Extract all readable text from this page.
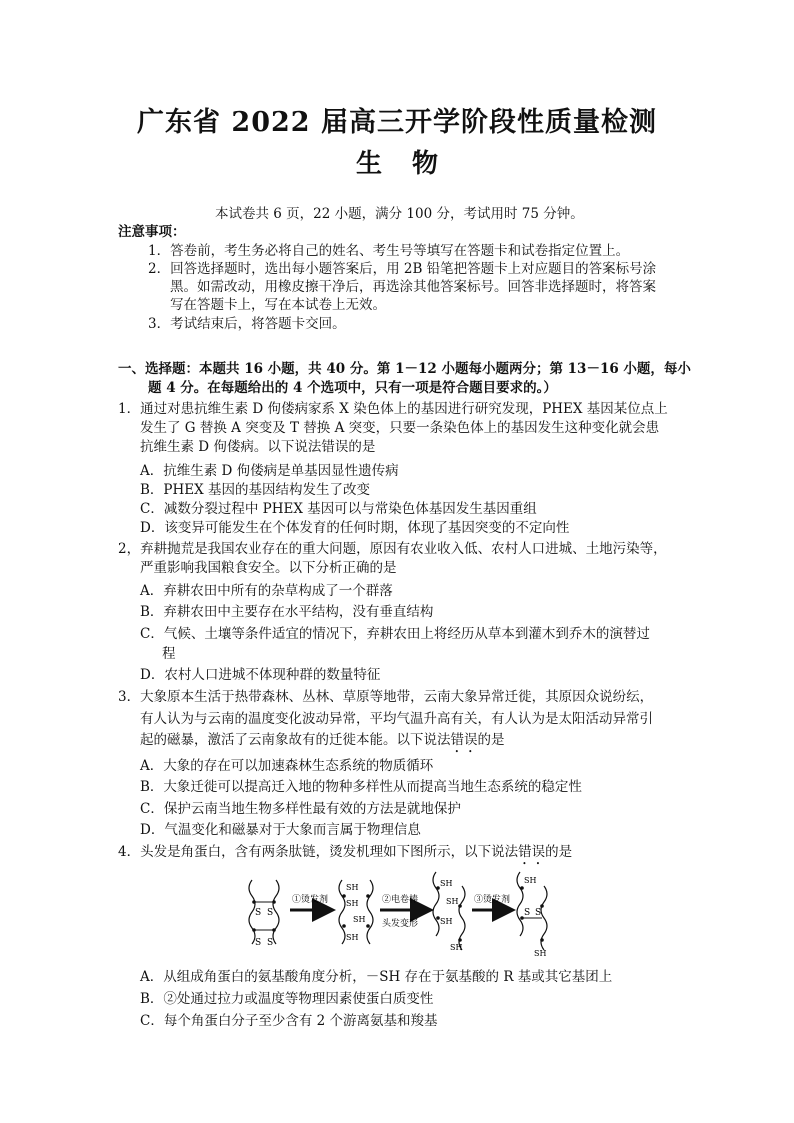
广东省 2022 届高三开学阶段性质量检测
生物
本试卷共 6 页，22 小题，满分 100 分，考试用时 75 分钟。
注意事项：
1．答卷前，考生务必将自己的姓名、考生号等填写在答题卡和试卷指定位置上。
2．回答选择题时，选出每小题答案后，用 2B 铅笔把答题卡上对应题目的答案标号涂
黑。如需改动，用橡皮擦干净后，再选涂其他答案标号。回答非选择题时，将答案
写在答题卡上，写在本试卷上无效。
3．考试结束后，将答题卡交回。
一、选择题：本题共 16 小题，共 40 分。第 1－12 小题每小题两分；第 13－16 小题，每小
题 4 分。在每题给出的 4 个选项中，只有一项是符合题目要求的。）
1．通过对患抗维生素 D 佝偻病家系 X 染色体上的基因进行研究发现，PHEX 基因某位点上
发生了 G 替换 A 突变及 T 替换 A 突变，只要一条染色体上的基因发生这种变化就会患
抗维生素 D 佝偻病。以下说法错误的是
A．抗维生素 D 佝偻病是单基因显性遗传病
B．PHEX 基因的基因结构发生了改变
C．减数分裂过程中 PHEX 基因可以与常染色体基因发生基因重组
D．该变异可能发生在个体发育的任何时期，体现了基因突变的不定向性
2，弃耕抛荒是我国农业存在的重大问题，原因有农业收入低、农村人口进城、土地污染等，
严重影响我国粮食安全。以下分析正确的是
A．弃耕农田中所有的杂草构成了一个群落
B．弃耕农田中主要存在水平结构，没有垂直结构
C．气候、土壤等条件适宜的情况下，弃耕农田上将经历从草本到灌木到乔木的演替过
程
D．农村人口进城不体现种群的数量特征
3．大象原本生活于热带森林、丛林、草原等地带，云南大象异常迁徙，其原因众说纷纭，
有人认为与云南的温度变化波动异常，平均气温升高有关，有人认为是太阳活动异常引
起的磁暴，激活了云南象故有的迁徙本能。以下说法错误的是
A．大象的存在可以加速森林生态系统的物质循环
B．大象迁徙可以提高迁入地的物种多样性从而提高当地生态系统的稳定性
C．保护云南当地生物多样性最有效的方法是就地保护
D．气温变化和磁暴对于大象而言属于物理信息
4．头发是角蛋白，含有两条肽链，烫发机理如下图所示，以下说法错误的是
S S
S S
①烫发剂
SH
SH
SH
SH
②电卷棒
头发变形
SH
SH
SH
SH
③烫发剂
SH
S S
SH
A．从组成角蛋白的氨基酸角度分析，－SH 存在于氨基酸的 R 基或其它基团上
B．②处通过拉力或温度等物理因素使蛋白质变性
C．每个角蛋白分子至少含有 2 个游离氨基和羧基
